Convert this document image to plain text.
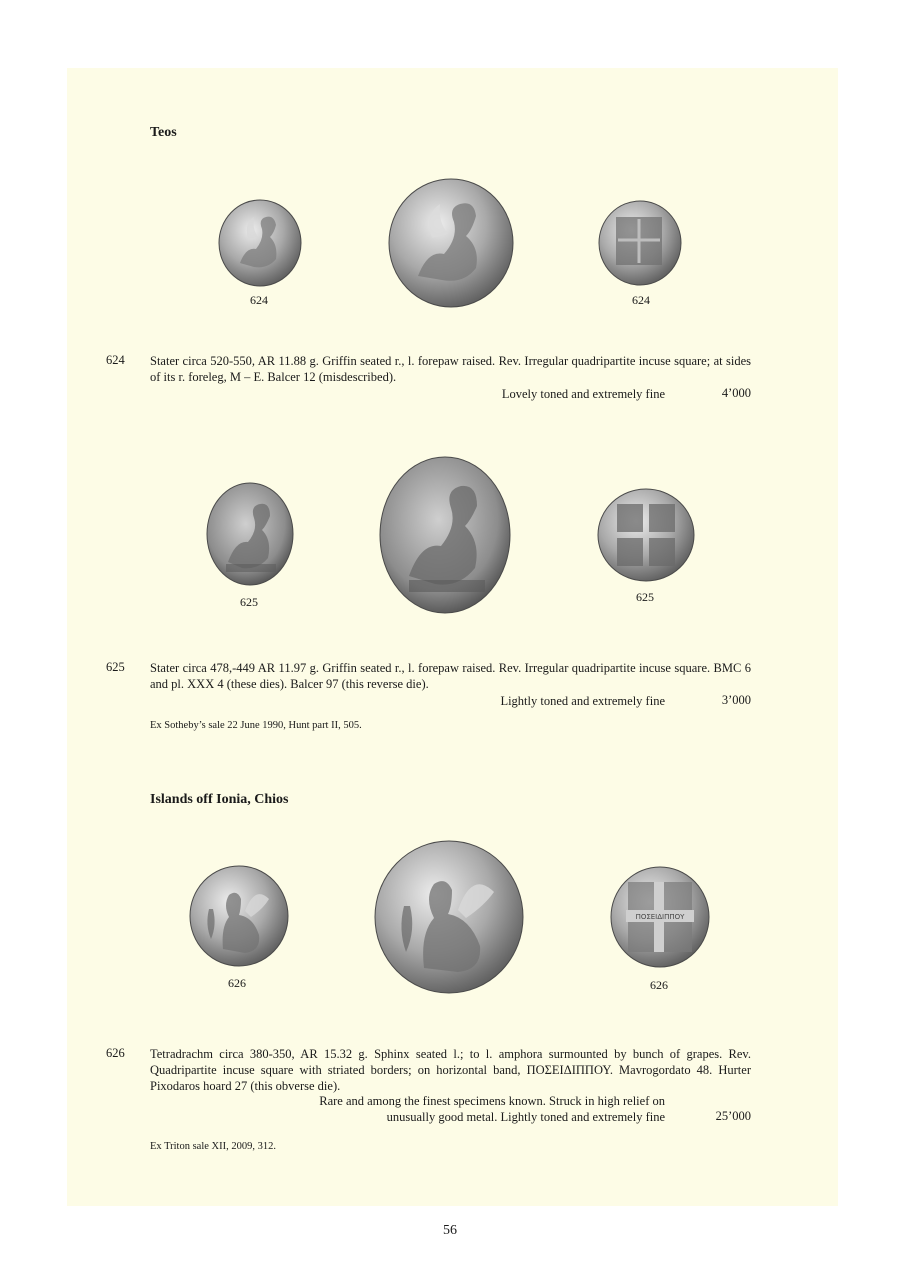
Teos
624	624
624 Stater circa 520-550, AR 11.88 g. Griffin seated r., l. forepaw raised. Rev. Irregular quadripartite incuse square; at sides of its r. foreleg, M – E. Balcer 12 (misdescribed).
Lovely toned and extremely fine	4’000
625	625
625 Stater circa 478,-449 AR 11.97 g. Griffin seated r., l. forepaw raised. Rev. Irregular quadripartite incuse square. BMC 6 and pl. XXX 4 (these dies). Balcer 97 (this reverse die).
Lightly toned and extremely fine	3’000
Ex Sotheby’s sale 22 June 1990, Hunt part II, 505.
Islands off Ionia, Chios
626
ΠΟΣΕΙΔΙΠΠΟΥ
626
626 Tetradrachm circa 380-350, AR 15.32 g. Sphinx seated l.; to l. amphora surmounted by bunch of grapes. Rev. Quadripartite incuse square with striated borders; on horizontal band, ΠΟΣΕΙΔΙΠΠΟΥ. Mavrogordato 48. Hurter Pixodaros hoard 27 (this obverse die).
Rare and among the finest specimens known. Struck in high relief on
unusually good metal. Lightly toned and extremely fine	25’000
Ex Triton sale XII, 2009, 312.
56
